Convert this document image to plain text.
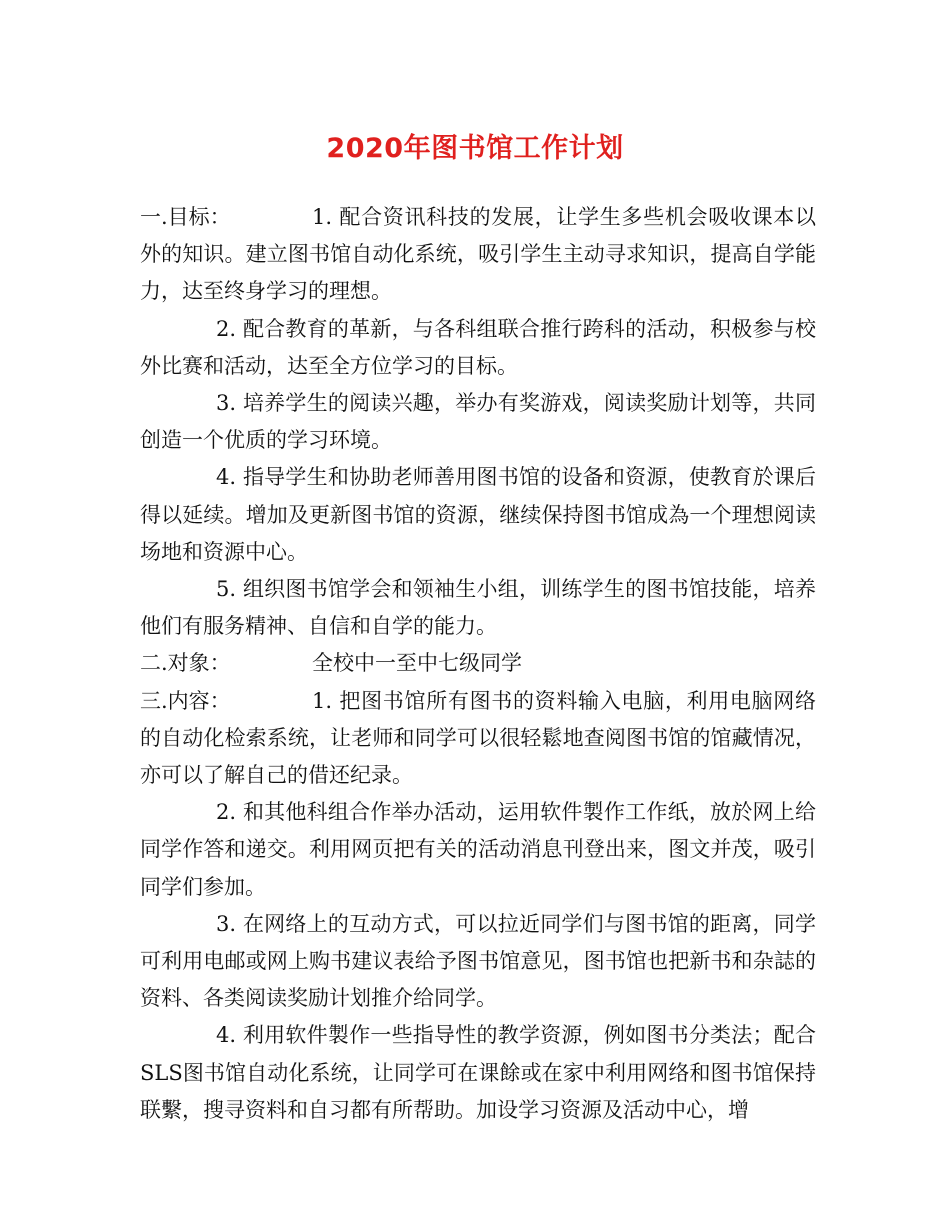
2020年图书馆工作计划

一.目标：	1. 配合资讯科技的发展，让学生多些机会吸收课本以外的知识。建立图书馆自动化系统，吸引学生主动寻求知识，提高自学能力，达至终身学习的理想。

2. 配合教育的革新，与各科组联合推行跨科的活动，积极参与校外比赛和活动，达至全方位学习的目标。

3. 培养学生的阅读兴趣，举办有奖游戏，阅读奖励计划等，共同创造一个优质的学习环境。

4. 指导学生和协助老师善用图书馆的设备和资源，使教育於课后得以延续。增加及更新图书馆的资源，继续保持图书馆成為一个理想阅读场地和资源中心。

5. 组织图书馆学会和领袖生小组，训练学生的图书馆技能，培养他们有服务精神、自信和自学的能力。

二.对象：	全校中一至中七级同学

三.内容：	1. 把图书馆所有图书的资料输入电脑，利用电脑网络的自动化检索系统，让老师和同学可以很轻鬆地查阅图书馆的馆藏情况，亦可以了解自己的借还纪录。

2. 和其他科组合作举办活动，运用软件製作工作纸，放於网上给同学作答和递交。利用网页把有关的活动消息刊登出来，图文并茂，吸引同学们参加。

3. 在网络上的互动方式，可以拉近同学们与图书馆的距离，同学可利用电邮或网上购书建议表给予图书馆意见，图书馆也把新书和杂誌的资料、各类阅读奖励计划推介给同学。

4. 利用软件製作一些指导性的教学资源，例如图书分类法；配合SLS图书馆自动化系统，让同学可在课餘或在家中利用网络和图书馆保持联繫，搜寻资料和自习都有所帮助。加设学习资源及活动中心，增
